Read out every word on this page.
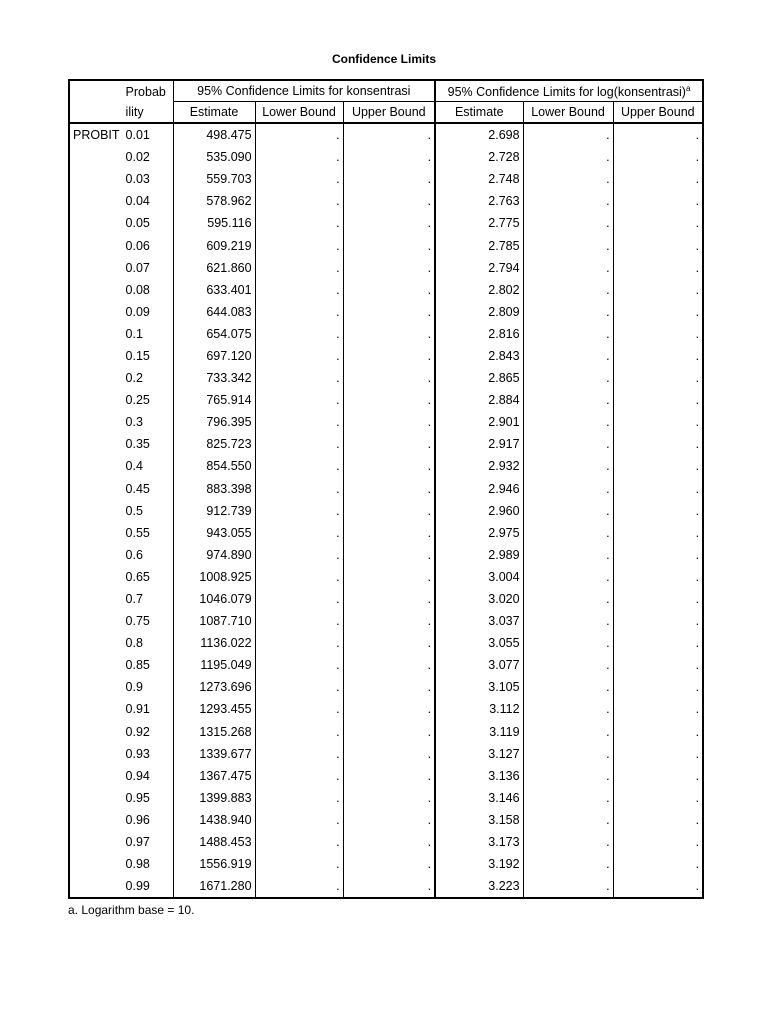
Confidence Limits

	Probab ility	95% Confidence Limits for konsentrasi			95% Confidence Limits for log(konsentrasi)$^a$
		Estimate	Lower Bound	Upper Bound	Estimate	Lower Bound	Upper Bound
PROBIT	0.01	498.475	.	.	2.698	.	.
	0.02	535.090	.	.	2.728	.	.
	0.03	559.703	.	.	2.748	.	.
	0.04	578.962	.	.	2.763	.	.
	0.05	595.116	.	.	2.775	.	.
	0.06	609.219	.	.	2.785	.	.
	0.07	621.860	.	.	2.794	.	.
	0.08	633.401	.	.	2.802	.	.
	0.09	644.083	.	.	2.809	.	.
	0.1	654.075	.	.	2.816	.	.
	0.15	697.120	.	.	2.843	.	.
	0.2	733.342	.	.	2.865	.	.
	0.25	765.914	.	.	2.884	.	.
	0.3	796.395	.	.	2.901	.	.
	0.35	825.723	.	.	2.917	.	.
	0.4	854.550	.	.	2.932	.	.
	0.45	883.398	.	.	2.946	.	.
	0.5	912.739	.	.	2.960	.	.
	0.55	943.055	.	.	2.975	.	.
	0.6	974.890	.	.	2.989	.	.
	0.65	1008.925	.	.	3.004	.	.
	0.7	1046.079	.	.	3.020	.	.
	0.75	1087.710	.	.	3.037	.	.
	0.8	1136.022	.	.	3.055	.	.
	0.85	1195.049	.	.	3.077	.	.
	0.9	1273.696	.	.	3.105	.	.
	0.91	1293.455	.	.	3.112	.	.
	0.92	1315.268	.	.	3.119	.	.
	0.93	1339.677	.	.	3.127	.	.
	0.94	1367.475	.	.	3.136	.	.
	0.95	1399.883	.	.	3.146	.	.
	0.96	1438.940	.	.	3.158	.	.
	0.97	1488.453	.	.	3.173	.	.
	0.98	1556.919	.	.	3.192	.	.
	0.99	1671.280	.	.	3.223	.	.
a. Logarithm base = 10.
